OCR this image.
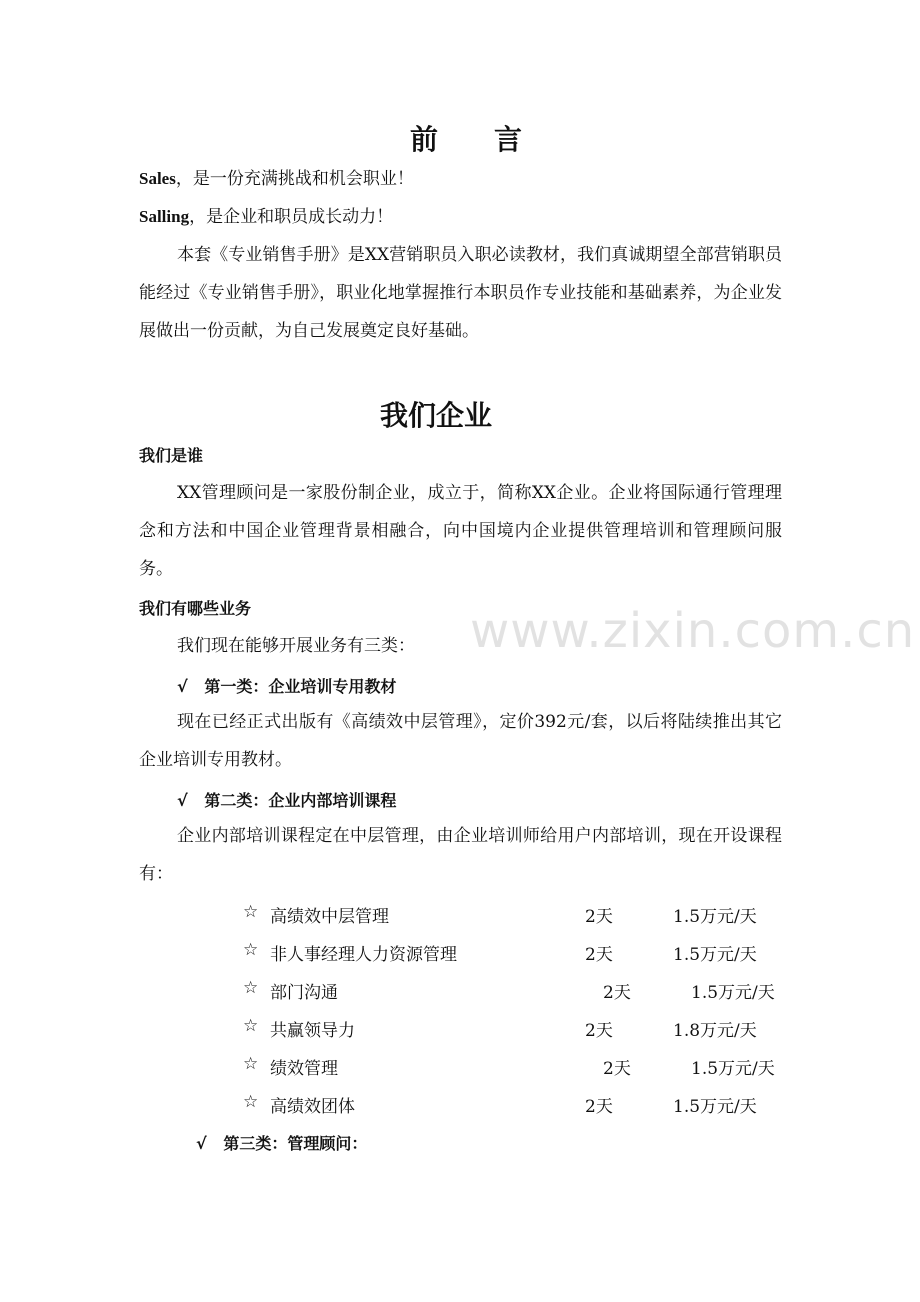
前　　言
Sales，是一份充满挑战和机会职业！
Salling，是企业和职员成长动力！
本套《专业销售手册》是XX营销职员入职必读教材，我们真诚期望全部营销职员能经过《专业销售手册》，职业化地掌握推行本职员作专业技能和基础素养，为企业发展做出一份贡献，为自己发展奠定良好基础。
我们企业
我们是谁
XX管理顾问是一家股份制企业，成立于，简称XX企业。企业将国际通行管理理念和方法和中国企业管理背景相融合，向中国境内企业提供管理培训和管理顾问服务。
我们有哪些业务
我们现在能够开展业务有三类：
√ 第一类：企业培训专用教材
现在已经正式出版有《高绩效中层管理》，定价392元/套，以后将陆续推出其它企业培训专用教材。
√ 第二类：企业内部培训课程
企业内部培训课程定在中层管理，由企业培训师给用户内部培训，现在开设课程有：
☆ 高绩效中层管理	2天	1.5万元/天
☆ 非人事经理人力资源管理	2天	1.5万元/天
☆ 部门沟通	2天	1.5万元/天
☆ 共赢领导力	2天	1.8万元/天
☆ 绩效管理	2天	1.5万元/天
☆ 高绩效团体	2天	1.5万元/天
√ 第三类：管理顾问：
www.zixin.com.cn
